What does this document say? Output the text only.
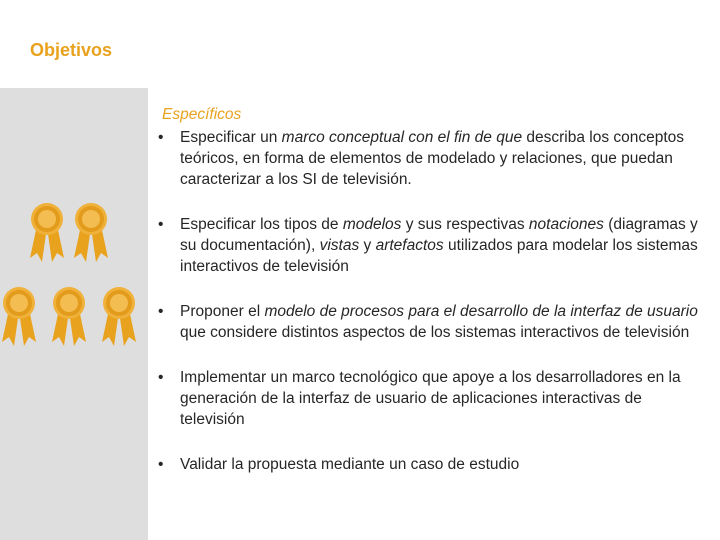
Objetivos
Específicos
•	Especificar un marco conceptual con el fin de que describa los conceptos teóricos, en forma de elementos de modelado y relaciones, que puedan caracterizar a los SI de televisión.
•	Especificar los tipos de modelos y sus respectivas notaciones (diagramas y su documentación), vistas y artefactos utilizados para modelar los sistemas interactivos de televisión
•	Proponer el modelo de procesos para el desarrollo de la interfaz de usuario que considere distintos aspectos de los sistemas interactivos de televisión
•	Implementar un marco tecnológico que apoye a los desarrolladores en la generación de la interfaz de usuario de aplicaciones interactivas de televisión
•	Validar la propuesta mediante un caso de estudio
